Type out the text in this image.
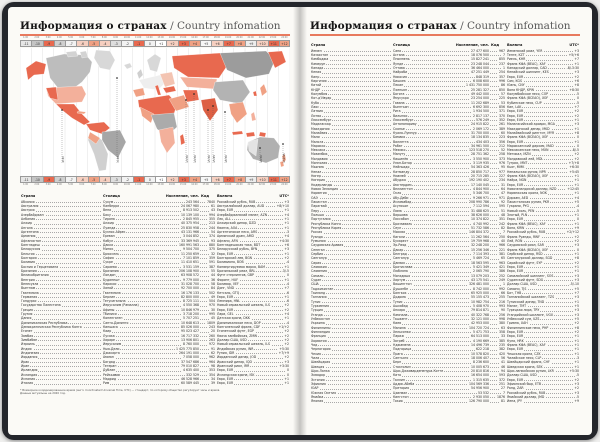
Информация о странах / Country infomation
1:00	2:00	3:00	4:00	5:00	6:00	7:00	8:00	9:00	10:00	11:00	12:00	13:00	14:00	15:00	16:00	17:00	18:00	19:00	20:00	21:00	22:00	23:00	24:00
-11	-10	-9	-8	-7	-6	-5	-4	-3	-2	-1	0	+1	+2	+3	+4	+5	+6	+7	+8	+9	+10	+11	+12
-9:30	-3:30	+3:30	+4:30	+5:30 +5:45	+6:30	+9:30	+12:45
-11	-10	-9	-8	-7	-6	-5	-4	-3	-2	-1	0	+1	+2	+3	+4	+5	+6	+7	+8	+9	+10	+11	+12
1:00	2:00	3:00	4:00	5:00	6:00	7:00	8:00	9:00	10:00	11:00	12:00	13:00	14:00	15:00	16:00	17:00	18:00	19:00	20:00	21:00	22:00	23:00	24:00
Страна	Столица	Население, чел. Код Валюта	UTC*
Абхазия	Сухум	243 564	7840 Российский рубль, RUB	+3
Австралия	Канберра	24 067 980	61 Австралийский доллар, AUD	+8/+10
Австрия	Вена	8 913 502	43 Евро, EUR	+1
Азербайджан	Баку	10 139 100	994 Азербайджанский манат, AZN	+4
Албания	Тирана	2 845 955	355 Лек, ALL	+1
Алжир	Алжир	40 375 954	213 Алжирский динар, DZD	+1
Ангола	Луанда	25 830 958	244 Кванза, AOA	+1
Аргентина	Буэнос-Айрес	43 131 966	54 Аргентинское песо, ARS	-3
Армения	Ереван	3 044 852	374 Армянский драм, AMD	+4
Афганистан	Кабул	33 369 945	93 Афгани, AFN	+4:30
Бангладеш	Дакка	160 991 563	880 Бангладешская така, BDT	+6
Белоруссия	Минск	9 504 700	375 Белорусский рубль, BYN	+3
Бельгия	Брюссель	11 250 659	32 Евро, EUR	+1
Болгария	София	7 101 859	359 Болгарский лев, BGN	+2
Боливия	Сукре	11 410 651	591 Боливиано, BOB	-4
Босния и Герцеговина	Сараево	3 531 159	387 Конвертируемая марка, BAM	+1
Бразилия	Бразилиа	206 108 900	55 Бразильский реал, BRL	-3/-5
Великобритания	Лондон	63 908 572	44 Фунт стерлингов, GBP	0
Венгрия	Будапешт	9 779 000	36 Форинт, HUF	+1
Венесуэла	Каракас	31 028 700	58 Боливар, VEF	-4
Вьетнам	Ханой	92 700 000	84 Донг, VND	+7
Гватемала	Гватемала	16 176 133	502 Кетсаль, GTQ	-6
Германия	Берлин	82 800 000	49 Евро, EUR	+1
Гондурас	Тегусигальпа	8 725 111	504 Лемпира, HNL	-6
Государство Палестина	Иерусалим (Рамалла)	4 550 368	970 Новый израильский шекель, ILS	+2
Греция	Афины	10 846 979	30 Евро, EUR	+2
Грузия	Тбилиси	3 718 200	995 Лари, GEL	+4
Дания	Копенгаген	5 707 251	45 Датская крона, DKK	+1
Доминиканская Республика	Санто-Доминго	10 648 613	1809 Доминиканское песо, DOP	-4
Демократическая Республика Конго	Киншаса	85 026 000	243 Конголезский франк, CDF	+1/+2
Египет	Каир	95 023 427	20 Египетский фунт, EGP	+2
Замбия	Лусака	16 717 332	260 Квача замбийская, ZMW	+2
Зимбабве	Хараре	13 906 801	263 Доллар США, USD	+2
Израиль	Иерусалим	8 760 000	972 Новый израильский шекель, ILS	+2
Индия	Нью-Дели	1 425 775 850	91 Индийская рупия, INR	+5:30
Индонезия	Джакарта	264 191 000	62 Рупия, IDR	+7/+9
Иордания	Амман	7 058 000	962 Иорданский динар, JOD	+2
Ирак	Багдад	37 547 686	964 Иракский динар, IQD	+3
Иран	Тегеран	79 010 827	98 Иранский риал, IRR	+3:30
Ирландия	Дублин	4 635 400	353 Евро, EUR	0
Исландия	Рейкьявик	332 529	354 Исландская крона, ISK	0
Испания	Мадрид	46 528 966	34 Евро, EUR	+1
Италия	Рим	60 589 445	39 Евро, EUR	+1
* Всемирное координированное время (англ. Coordinated Universal Time, UTC) — стандарт, по которому общество регулирует часы и время.
Данные актуальны на 2020 год.
Информация о странах / Country infomation
Страна	Столица	Население, чел. Код Валюта	UTC*
Йемен	Сана	27 477 600	967 Йеменский риал, YER	+3
Казахстан	Астана	18 076 500	7 Тенге, KZT	+5/+6
Камбоджа	Пномпень	15 827 241	855 Риель, KHR	+7
Камерун	Яунде	23 248 044	237 Франк КФА (BEAC), XAF	+1
Канада	Оттава	36 464 000	1 Канадский доллар, CAD	-8/-3:30
Кения	Найроби	47 251 449	254 Кенийский шиллинг, KES	+3
Кипр	Никосия	848 319	357 Евро, EUR	+2
Киргизия	Бишкек	6 008 600	996 Сом, KGS	+6
Китай	Пекин	1 431 750 000	86 Юань, CNY	+8
КНДР	Пхеньян	25 281 327	850 Вона КНДР, KPW	+8:30
Колумбия	Богота	49 442 000	57 Колумбийское песо, COP	-5
Кот-д’Ивуар	Ямусукро	23 254 000	225 Франк КФА (BCEAO), XOF	0
Куба	Гавана	11 202 689	53 Кубинское песо, CUP	-5
Лаос	Вьентьян	6 692 300	856 Кип, LAK	+7
Латвия	Рига	1 934 500	371 Евро, EUR	+2
Литва	Вильнюс	2 817 137	370 Евро, EUR	+2
Люксембург	Люксембург	576 249	352 Евро, EUR	+1
Мадагаскар	Антананариву	24 915 822	261 Малагасийский ариари, MGA	+3
Македония	Скопье	2 069 172	389 Македонский денар, MKD	+1
Малайзия	Куала-Лумпур	31 700 000	60 Малайзийский ринггит, MYR	+8
Мали	Бамако	18 134 835	223 Франк КФА (BCEAO), XOF	0
Мальта	Валлетта	434 403	356 Евро, EUR	+1
Марокко	Рабат	34 961 500	212 Марокканский дирхам, MAD	0
Мексика	Мехико	123 518 270	52 Мексиканское песо, MXN	-8/-5
Мозамбик	Мапуту	28 751 362	258 Метикал, MZN	+2
Молдавия	Кишинёв	3 550 900	373 Молдавский лей, MDL	+2
Монголия	Улан-Батор	3 119 935	976 Тугрик, MNT	+7/+8
Мьянма	Нейпьидо	54 363 426	95 Кьят, MMK	+6:30
Непал	Катманду	28 850 717	977 Непальская рупия, NPR	+5:45
Нигер	Ниамей	20 715 285	227 Франк КФА (BCEAO), XOF	+1
Нигерия	Абуджа	192 190 402	234 Найра, NGN	+1
Нидерланды	Амстердам	17 140 045	31 Евро, EUR	+1
Новая Зеландия	Веллингтон	4 844 900	64 Новозеландский доллар, NZD	+12:45
Норвегия	Осло	5 346 700	47 Норвежская крона, NOK	+1
ОАЭ	Абу-Даби	9 266 971	971 Дирхам, AED	+4
Пакистан	Исламабад	208 990 786	92 Пакистанская рупия, PKR	+5
Парагвай	Асунсьон	7 112 594	595 Гуарани, PYG	-4
Перу	Лима	31 488 625	51 Новый соль, PEN	-5
Польша	Варшава	38 626 000	48 Злотый, PLN	+1
Португалия	Лиссабон	10 374 822	351 Евро, EUR	0
Республика Конго	Браззавиль	4 740 992	242 Франк КФА (BEAC), XAF	+1
Республика Корея	Сеул	51 732 586	82 Вона, KRW	+9
Россия	Москва	146 804 372	7 Российский рубль, RUB	+2/+12
Руанда	Кигали	11 262 564	250 Франк Руанды, RWF	+2
Румыния	Бухарест	19 759 968	40 Лей, RON	+2
Саудовская Аравия	Эр-Рияд	32 248 200	966 Саудовский риял, SAR	+3
Сенегал	Дакар	15 256 346	221 Франк КФА (BCEAO), XOF	0
Сербия	Белград	7 114 393	381 Сербский динар, RSD	+1
Сингапур	Сингапур	5 469 724	65 Сингапурский доллар, SGD	+8
Сирия	Дамаск	18 563 595	963 Сирийский фунт, SYP	+2
Словакия	Братислава	5 421 349	421 Евро, EUR	+1
Словения	Любляна	2 065 790	386 Евро, EUR	+1
Сомали	Могадишо	13 079 203	252 Сомалийский шиллинг, SOS	+3
Судан	Хартум	43 175 541	249 Суданский фунт, SDG	+3
США	Вашингтон	326 481 000	1 Доллар США, USD	-5/-10
Таджикистан	Душанбе	8 742 000	992 Сомони, TJS	+5
Таиланд	Бангкок	65 925 000	66 Бат, THB	+7
Танзания	Додома	55 155 473	255 Танзанийский шиллинг, TZS	+3
Тунис	Тунис	10 982 754	216 Тунисский динар, TND	+1
Туркмения	Ашхабад	5 408 970	993 Манат, TMT	+5
Турция	Анкара	79 814 871	90 Турецкая лира, TRY	+3
Уганда	Кампала	40 322 768	256 Угандийский шиллинг, UGX	+3
Узбекистан	Ташкент	32 121 000	998 Узбекский сум, UZS	+5
Украина	Киев	42 953 000	380 Гривна, UAH	+2
Филиппины	Манила	104 720 724	63 Филиппинское песо, PHP	+8
Финляндия	Хельсинки	5 471 753	358 Евро, EUR	+2
Франция	Париж	64 513 000	33 Евро, EUR	+1
Хорватия	Загреб	4 190 669	385 Куна, HRK	+1
Чад	Нджамена	14 496 739	235 Франк КФА (BEAC), XAF	+1
Черногория	Подгорица	622 218	382 Евро, EUR	+1
Чехия	Прага	10 578 820	420 Чешская крона, CZK	+1
Чили	Сантьяго	18 006 407	56 Чилийское песо, CLP	-3
Швейцария	Берн	8 236 600	41 Швейцарский франк, CHF	+1
Швеция	Стокгольм	10 005 673	46 Шведская крона, SEK	+1
Шри-Ланка	Шри-Джаяварденепура-Котте	20 810 816	94 Шри-ланкийская рупия, LKR	+5:30
Эквадор	Кито	16 654 000	593 Доллар США, USD	-5
Эстония	Таллин	1 315 635	372 Евро, EUR	+2
Эфиопия	Аддис-Абеба	104 569 336	251 Эфиопский быр, ETB	+3
ЮАР	Претория	54 956 900	27 Ранд, ZAR	+2
Южная Осетия	Цхинвал	53 532	7 Российский рубль, RUB	+3
Ямайка	Кингстон	2 930 050	1876 Ямайский доллар, JMD	-5
Япония	Токио	126 790 000	81 Иена, JPY	+9
